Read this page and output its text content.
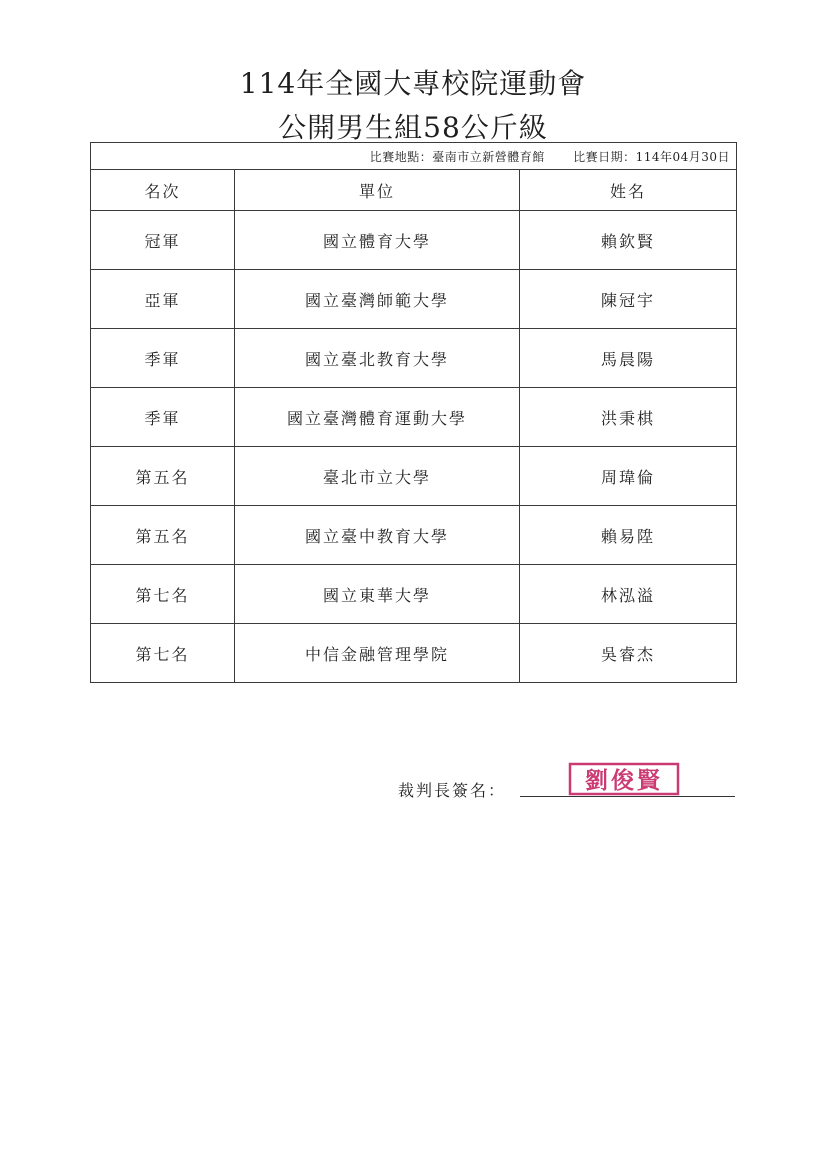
114年全國大專校院運動會
公開男生組58公斤級
比賽地點：臺南市立新營體育館 比賽日期：114年04月30日		
名次	單位	姓名
冠軍	國立體育大學	賴欽賢
亞軍	國立臺灣師範大學	陳冠宇
季軍	國立臺北教育大學	馬晨陽
季軍	國立臺灣體育運動大學	洪秉棋
第五名	臺北市立大學	周瑋倫
第五名	國立臺中教育大學	賴易陞
第七名	國立東華大學	林泓溢
第七名	中信金融管理學院	吳睿杰
裁判長簽名：	劉俊賢
